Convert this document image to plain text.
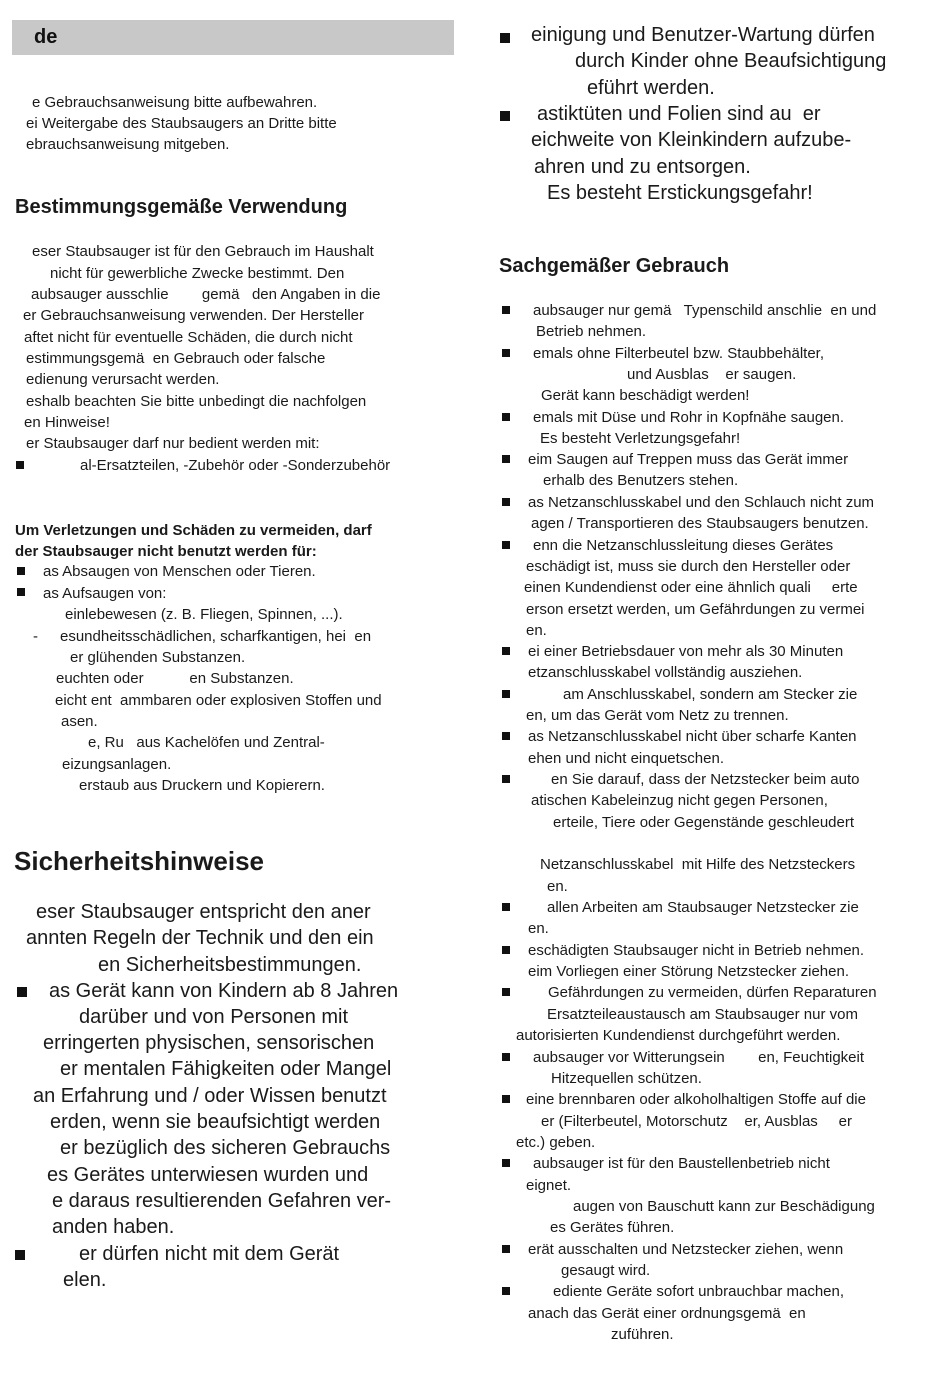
de
e Gebrauchsanweisung bitte aufbewahren.
ei Weitergabe des Staubsaugers an Dritte bitte
ebrauchsanweisung mitgeben.
Bestimmungsgemäße Verwendung
eser Staubsauger ist für den Gebrauch im Haushalt
nicht für gewerbliche Zwecke bestimmt. Den
aubsauger ausschlie        gemä   den Angaben in die
er Gebrauchsanweisung verwenden. Der Hersteller
aftet nicht für eventuelle Schäden, die durch nicht
estimmungsgemä  en Gebrauch oder falsche
edienung verursacht werden.
eshalb beachten Sie bitte unbedingt die nachfolgen
en Hinweise!
er Staubsauger darf nur bedient werden mit:
al-Ersatzteilen, -Zubehör oder -Sonderzubehör
Um Verletzungen und Schäden zu vermeiden, darf
der Staubsauger nicht benutzt werden für:
as Absaugen von Menschen oder Tieren.
as Aufsaugen von:
einlebewesen (z. B. Fliegen, Spinnen, ...).
- esundheitsschädlichen, scharfkantigen, hei  en
er glühenden Substanzen.
euchten oder           en Substanzen.
eicht ent  ammbaren oder explosiven Stoffen und
asen.
e, Ru   aus Kachelöfen und Zentral-
eizungsanlagen.
erstaub aus Druckern und Kopierern.
Sicherheitshinweise
eser Staubsauger entspricht den aner
annten Regeln der Technik und den ein
en Sicherheitsbestimmungen.
as Gerät kann von Kindern ab 8 Jahren
darüber und von Personen mit
erringerten physischen, sensorischen
er mentalen Fähigkeiten oder Mangel
an Erfahrung und / oder Wissen benutzt
erden, wenn sie beaufsichtigt werden
er bezüglich des sicheren Gebrauchs
es Gerätes unterwiesen wurden und
e daraus resultierenden Gefahren ver-
anden haben.
er dürfen nicht mit dem Gerät
elen.
einigung und Benutzer-Wartung dürfen
durch Kinder ohne Beaufsichtigung
eführt werden.
astiktüten und Folien sind au  er
eichweite von Kleinkindern aufzube-
ahren und zu entsorgen.
Es besteht Erstickungsgefahr!
Sachgemäßer Gebrauch
aubsauger nur gemä   Typenschild anschlie  en und
Betrieb nehmen.
emals ohne Filterbeutel bzw. Staubbehälter,
und Ausblas    er saugen.
Gerät kann beschädigt werden!
emals mit Düse und Rohr in Kopfnähe saugen.
Es besteht Verletzungsgefahr!
eim Saugen auf Treppen muss das Gerät immer
erhalb des Benutzers stehen.
as Netzanschlusskabel und den Schlauch nicht zum
agen / Transportieren des Staubsaugers benutzen.
enn die Netzanschlussleitung dieses Gerätes
eschädigt ist, muss sie durch den Hersteller oder
einen Kundendienst oder eine ähnlich quali     erte
erson ersetzt werden, um Gefährdungen zu vermei
en.
ei einer Betriebsdauer von mehr als 30 Minuten
etzanschlusskabel vollständig ausziehen.
am Anschlusskabel, sondern am Stecker zie
en, um das Gerät vom Netz zu trennen.
as Netzanschlusskabel nicht über scharfe Kanten
ehen und nicht einquetschen.
en Sie darauf, dass der Netzstecker beim auto
atischen Kabeleinzug nicht gegen Personen,
erteile, Tiere oder Gegenstände geschleudert
Netzanschlusskabel  mit Hilfe des Netzsteckers
en.
allen Arbeiten am Staubsauger Netzstecker zie
en.
eschädigten Staubsauger nicht in Betrieb nehmen.
eim Vorliegen einer Störung Netzstecker ziehen.
Gefährdungen zu vermeiden, dürfen Reparaturen
Ersatzteileaustausch am Staubsauger nur vom
autorisierten Kundendienst durchgeführt werden.
aubsauger vor Witterungsein        en, Feuchtigkeit
Hitzequellen schützen.
eine brennbaren oder alkoholhaltigen Stoffe auf die
er (Filterbeutel, Motorschutz    er, Ausblas     er
etc.) geben.
aubsauger ist für den Baustellenbetrieb nicht
eignet.
augen von Bauschutt kann zur Beschädigung
es Gerätes führen.
erät ausschalten und Netzstecker ziehen, wenn
gesaugt wird.
ediente Geräte sofort unbrauchbar machen,
anach das Gerät einer ordnungsgemä  en
zuführen.
